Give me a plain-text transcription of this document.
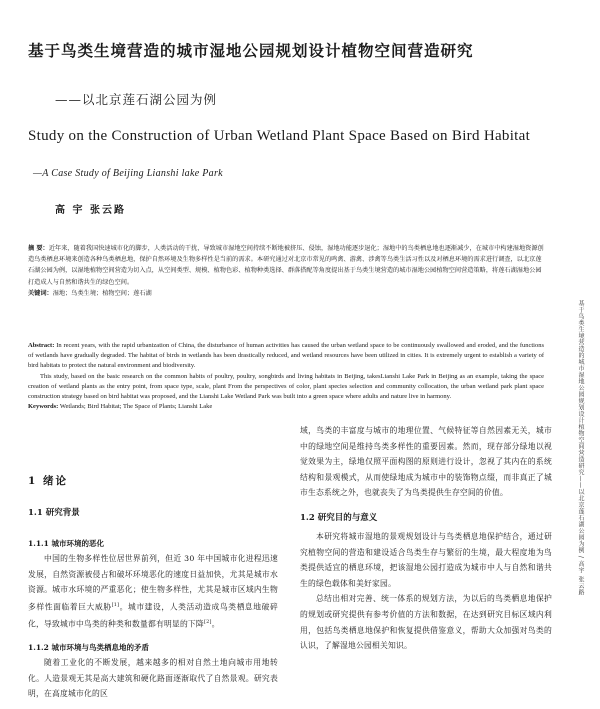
基于鸟类生境营造的城市湿地公园规划设计植物空间营造研究
——以北京莲石湖公园为例
Study on the Construction of Urban Wetland Plant Space Based on Bird Habitat
—A Case Study of Beijing Lianshi lake Park
高 宇 张云路
摘 要：近年来，随着我国快速城市化的脚步，人类活动的干扰，导致城市湿地空间持续不断地被挤压、侵蚀，湿地功能逐步退化；湿地中的鸟类栖息地也逐渐减少，在城市中构建湿地资源创造鸟类栖息环境来创造各种鸟类栖息地，保护自然环境及生物多样性是当前的需求。本研究通过对北京市常见的鸣禽、游禽、涉禽等鸟类生活习性以及对栖息环境的需求进行调查，以北京莲石湖公园为例，以湿地植物空间营造为切入点，从空间类型、规模、植物色彩、植物种类选择、群落搭配等角度提出基于鸟类生境营造的城市湿地公园植物空间营造策略，将莲石湖湿地公园打造成人与自然和谐共生的绿色空间。
关键词：湿地；鸟类生境；植物空间；莲石湖

Abstract: In recent years, with the rapid urbanization of China, the disturbance of human activities has caused the urban wetland space to be continuously swallowed and eroded, and the functions of wetlands have gradually degraded. The habitat of birds in wetlands has been drastically reduced, and wetland resources have been utilized in cities. It is extremely urgent to establish a variety of bird habitats to protect the natural environment and biodiversity.

This study, based on the basic research on the common habits of poultry, poultry, songbirds and living habitats in Beijing, takesLianshi Lake Park in Beijing as an example, taking the space creation of wetland plants as the entry point, from space type, scale, plant From the perspectives of color, plant species selection and community collocation, the urban wetland park plant space construction strategy based on bird habitat was proposed, and the Lianshi Lake Wetland Park was built into a green space where adults and nature live in harmony.

Keywords: Wetlands; Bird Habitat; The Space of Plants; Lianshi Lake

1 绪论

1.1 研究背景

1.1.1 城市环境的恶化

中国的生物多样性位居世界前列，但近 30 年中国城市化进程迅速发展，自然资源被侵占和破坏环境恶化的速度日益加快，尤其是城市水资源。城市水环境的严重恶化；使生物多样性，尤其是城市区域内生物多样性面临着巨大威胁[1]。城市建设，人类活动造成鸟类栖息地破碎化，导致城市中鸟类的种类和数量都有明显的下降[2]。

1.1.2 城市环境与鸟类栖息地的矛盾

随着工业化的不断发展，越来越多的相对自然土地向城市用地转化。人造景观无其是高大建筑和硬化路面逐渐取代了自然景观。研究表明，在高度城市化的区

域，鸟类的丰富度与城市的地理位置、气候特征等自然因素无关，城市中的绿地空间是维持鸟类多样性的重要因素。然而，现存部分绿地以视觉效果为主，绿地仅照平面构图的原则进行设计，忽视了其内在的系统结构和景观模式，从而使绿地成为城市中的装饰物点缀，而非真正了城市生态系统之外，也就丧失了为鸟类提供生存空间的价值。

1.2 研究目的与意义

本研究将城市湿地的景观规划设计与鸟类栖息地保护结合，通过研究植物空间的营造和建设适合鸟类生存与繁衍的生境，最大程度地为鸟类提供适宜的栖息环境，把该湿地公园打造成为城市中人与自然和谐共生的绿色载体和美好家园。

总结出相对完善、统一体系的规划方法，为以后的鸟类栖息地保护的规划或研究提供有参考价值的方法和数据，在达到研究目标区域内利用，包括鸟类栖息地保护和恢复提供借鉴意义，帮助大众加强对鸟类的认识，了解湿地公园相关知识。

基于鸟类生境营造的城市湿地公园规划设计植物空间营造研究——以北京莲石湖公园为例 / 高宇 张云路
